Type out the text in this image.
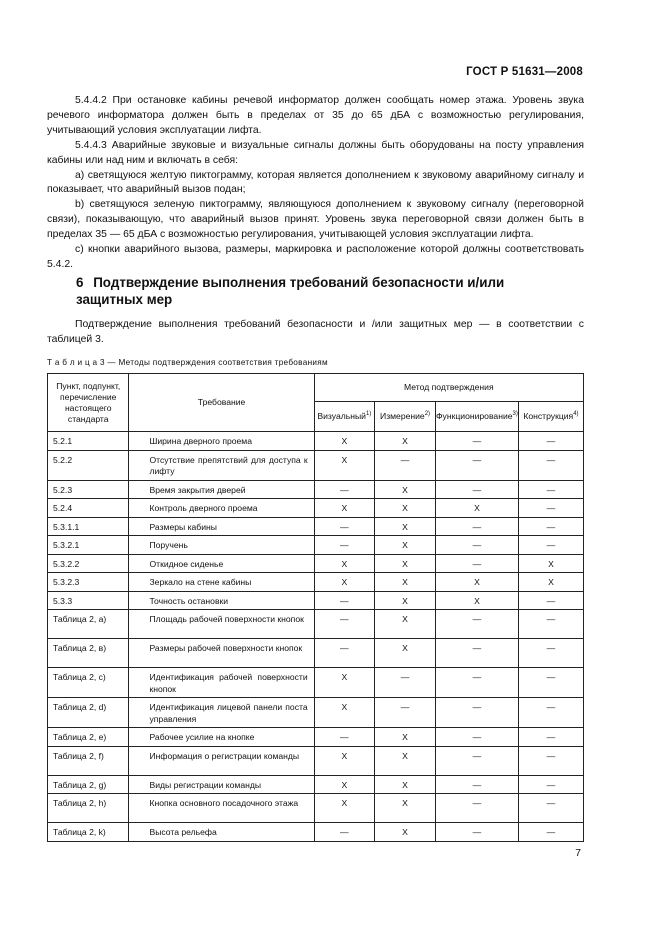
ГОСТ Р 51631—2008

5.4.4.2 При остановке кабины речевой информатор должен сообщать номер этажа. Уровень звука речевого информатора должен быть в пределах от 35 до 65 дБА с возможностью регулирования, учитывающий условия эксплуатации лифта.

5.4.4.3 Аварийные звуковые и визуальные сигналы должны быть оборудованы на посту управления кабины или над ним и включать в себя:

a) светящуюся желтую пиктограмму, которая является дополнением к звуковому аварийному сигналу и показывает, что аварийный вызов подан;

b) светящуюся зеленую пиктограмму, являющуюся дополнением к звуковому сигналу (переговорной связи), показывающую, что аварийный вызов принят. Уровень звука переговорной связи должен быть в пределах 35 — 65 дБА с возможностью регулирования, учитывающей условия эксплуатации лифта.

c) кнопки аварийного вызова, размеры, маркировка и расположение которой должны соответствовать 5.4.2.

6 Подтверждение выполнения требований безопасности и/или защитных мер

Подтверждение выполнения требований безопасности и /или защитных мер — в соответствии с таблицей 3.

Т а б л и ц а 3 — Методы подтверждения соответствия требованиям
Пункт, подпункт, перечисление настоящего стандарта	Требование	Метод подтверждения			
		Визуальный$^{1)}$	Измерение$^{2)}$	Функционирование$^{3)}$	Конструкция$^{4)}$
5.2.1	Ширина дверного проема	X	X	—	—
5.2.2	Отсутствие препятствий для доступа к лифту	X	—	—	—
5.2.3	Время закрытия дверей	—	X	—	—
5.2.4	Контроль дверного проема	X	X	X	—
5.3.1.1	Размеры кабины	—	X	—	—
5.3.2.1	Поручень	—	X	—	—
5.3.2.2	Откидное сиденье	X	X	—	X
5.3.2.3	Зеркало на стене кабины	X	X	X	X
5.3.3	Точность остановки	—	X	X	—
Таблица 2, a)	Площадь рабочей поверхности кнопок	—	X	—	—
Таблица 2, в)	Размеры рабочей поверхности кнопок	—	X	—	—
Таблица 2, c)	Идентификация рабочей поверхности кнопок	X	—	—	—
Таблица 2, d)	Идентификация лицевой панели поста управления	X	—	—	—
Таблица 2, e)	Рабочее усилие на кнопке	—	X	—	—
Таблица 2, f)	Информация о регистрации команды	X	X	—	—
Таблица 2, g)	Виды регистрации команды	X	X	—	—
Таблица 2, h)	Кнопка основного посадочного этажа	X	X	—	—
Таблица 2, k)	Высота рельефа	—	X	—	—
7
